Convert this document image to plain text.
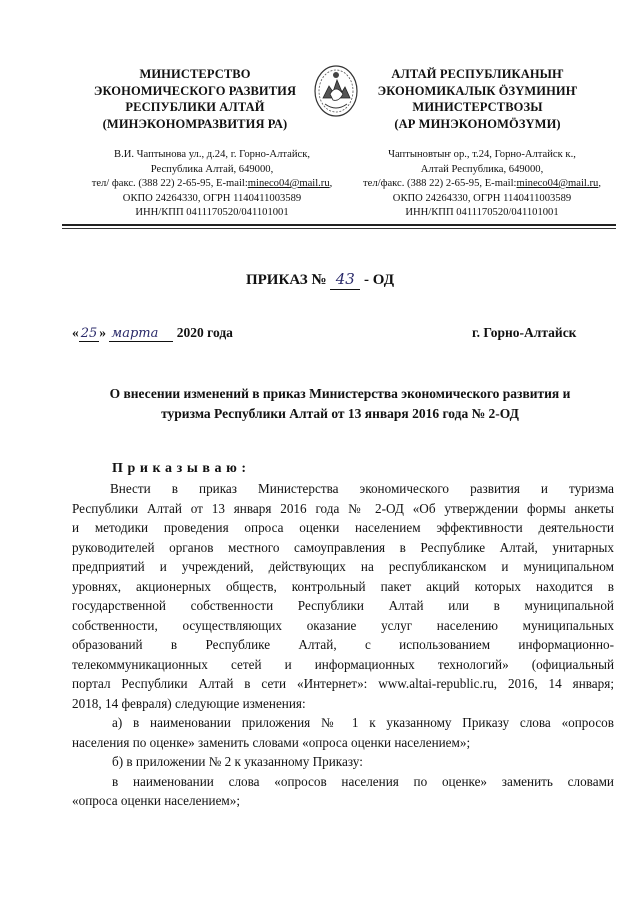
МИНИСТЕРСТВО
ЭКОНОМИЧЕСКОГО РАЗВИТИЯ
РЕСПУБЛИКИ АЛТАЙ
(МИНЭКОНОМРАЗВИТИЯ РА)
АЛТАЙ РЕСПУБЛИКАНЫҤ
ЭКОНОМИКАЛЫК ÖЗҮМИНИҤ
МИНИСТЕРСТВОЗЫ
(АР МИНЭКОНОМÖЗҮМИ)
В.И. Чаптынова ул., д.24, г. Горно-Алтайск,
Республика Алтай, 649000,
тел/ факс. (388 22) 2-65-95, E-mail:mineco04@mail.ru,
ОКПО 24264330, ОГРН 1140411003589
ИНН/КПП 0411170520/041101001
Чаптыновтыҥ ор., т.24, Горно-Алтайск к.,
Алтай Республика, 649000,
тел/факс. (388 22) 2-65-95, E-mail:mineco04@mail.ru,
ОКПО 24264330, ОГРН 1140411003589
ИНН/КПП 0411170520/041101001
ПРИКАЗ № 43 - ОД
« 25 » марта 2020 года	г. Горно-Алтайск
О внесении изменений в приказ Министерства экономического развития и
туризма Республики Алтай от 13 января 2016 года № 2-ОД
Приказываю:
Внести в приказ Министерства экономического развития и туризма
Республики Алтай от 13 января 2016 года № 2-ОД «Об утверждении формы анкеты
и методики проведения опроса оценки населением эффективности деятельности
руководителей органов местного самоуправления в Республике Алтай, унитарных
предприятий и учреждений, действующих на республиканском и муниципальном
уровнях, акционерных обществ, контрольный пакет акций которых находится в
государственной собственности Республики Алтай или в муниципальной
собственности, осуществляющих оказание услуг населению муниципальных
образований в Республике Алтай, с использованием информационно-
телекоммуникационных сетей и информационных технологий» (официальный
портал Республики Алтай в сети «Интернет»: www.altai-republic.ru, 2016, 14 января;
2018, 14 февраля) следующие изменения:
а) в наименовании приложения № 1 к указанному Приказу слова «опросов
населения по оценке» заменить словами «опроса оценки населением»;
б) в приложении № 2 к указанному Приказу:
в наименовании слова «опросов населения по оценке» заменить словами
«опроса оценки населением»;
